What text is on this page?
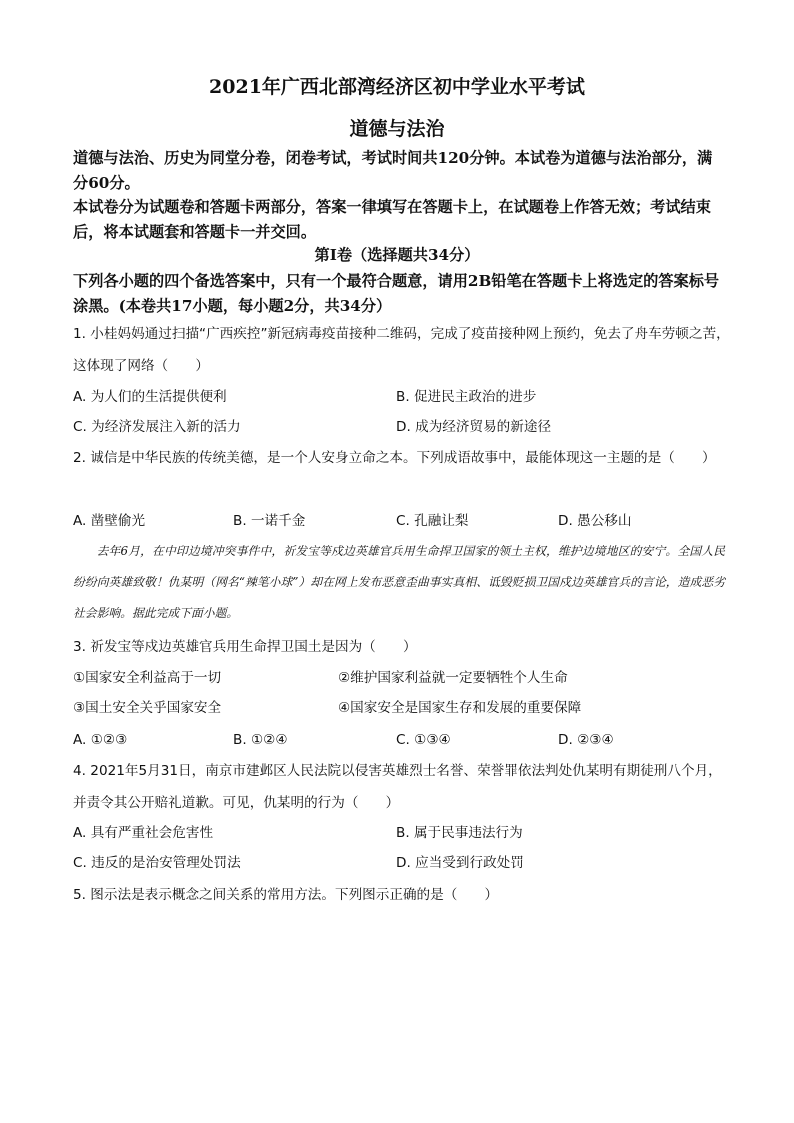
2021年广西北部湾经济区初中学业水平考试
道德与法治
道德与法治、历史为同堂分卷，闭卷考试，考试时间共120分钟。本试卷为道德与法治部分，满分60分。
本试卷分为试题卷和答题卡两部分，答案一律填写在答题卡上，在试题卷上作答无效；考试结束后，将本试题套和答题卡一并交回。
第Ⅰ卷（选择题共34分）
下列各小题的四个备选答案中，只有一个最符合题意，请用2B铅笔在答题卡上将选定的答案标号涂黑。(本卷共17小题，每小题2分，共34分）
1. 小桂妈妈通过扫描“广西疾控”新冠病毒疫苗接种二维码，完成了疫苗接种网上预约，免去了舟车劳顿之苦，这体现了网络（　　）
A. 为人们的生活提供便利	B. 促进民主政治的进步
C. 为经济发展注入新的活力	D. 成为经济贸易的新途径
2. 诚信是中华民族的传统美德，是一个人安身立命之本。下列成语故事中，最能体现这一主题的是（　　）
A. 凿壁偷光	B. 一诺千金	C. 孔融让梨	D. 愚公移山
去年6月，在中印边境冲突事件中，祈发宝等戍边英雄官兵用生命捍卫国家的领土主权，维护边境地区的安宁。全国人民纷纷向英雄致敬！仇某明（网名“辣笔小球”）却在网上发布恶意歪曲事实真相、诋毁贬损卫国戍边英雄官兵的言论，造成恶劣社会影响。据此完成下面小题。
3. 祈发宝等戍边英雄官兵用生命捍卫国土是因为（　　）
①国家安全利益高于一切	②维护国家利益就一定要牺牲个人生命
③国土安全关乎国家安全	④国家安全是国家生存和发展的重要保障
A. ①②③	B. ①②④	C. ①③④	D. ②③④
4. 2021年5月31日，南京市建邺区人民法院以侵害英雄烈士名誉、荣誉罪依法判处仇某明有期徒刑八个月，并责令其公开赔礼道歉。可见，仇某明的行为（　　）
A. 具有严重社会危害性	B. 属于民事违法行为
C. 违反的是治安管理处罚法	D. 应当受到行政处罚
5. 图示法是表示概念之间关系的常用方法。下列图示正确的是（　　）
